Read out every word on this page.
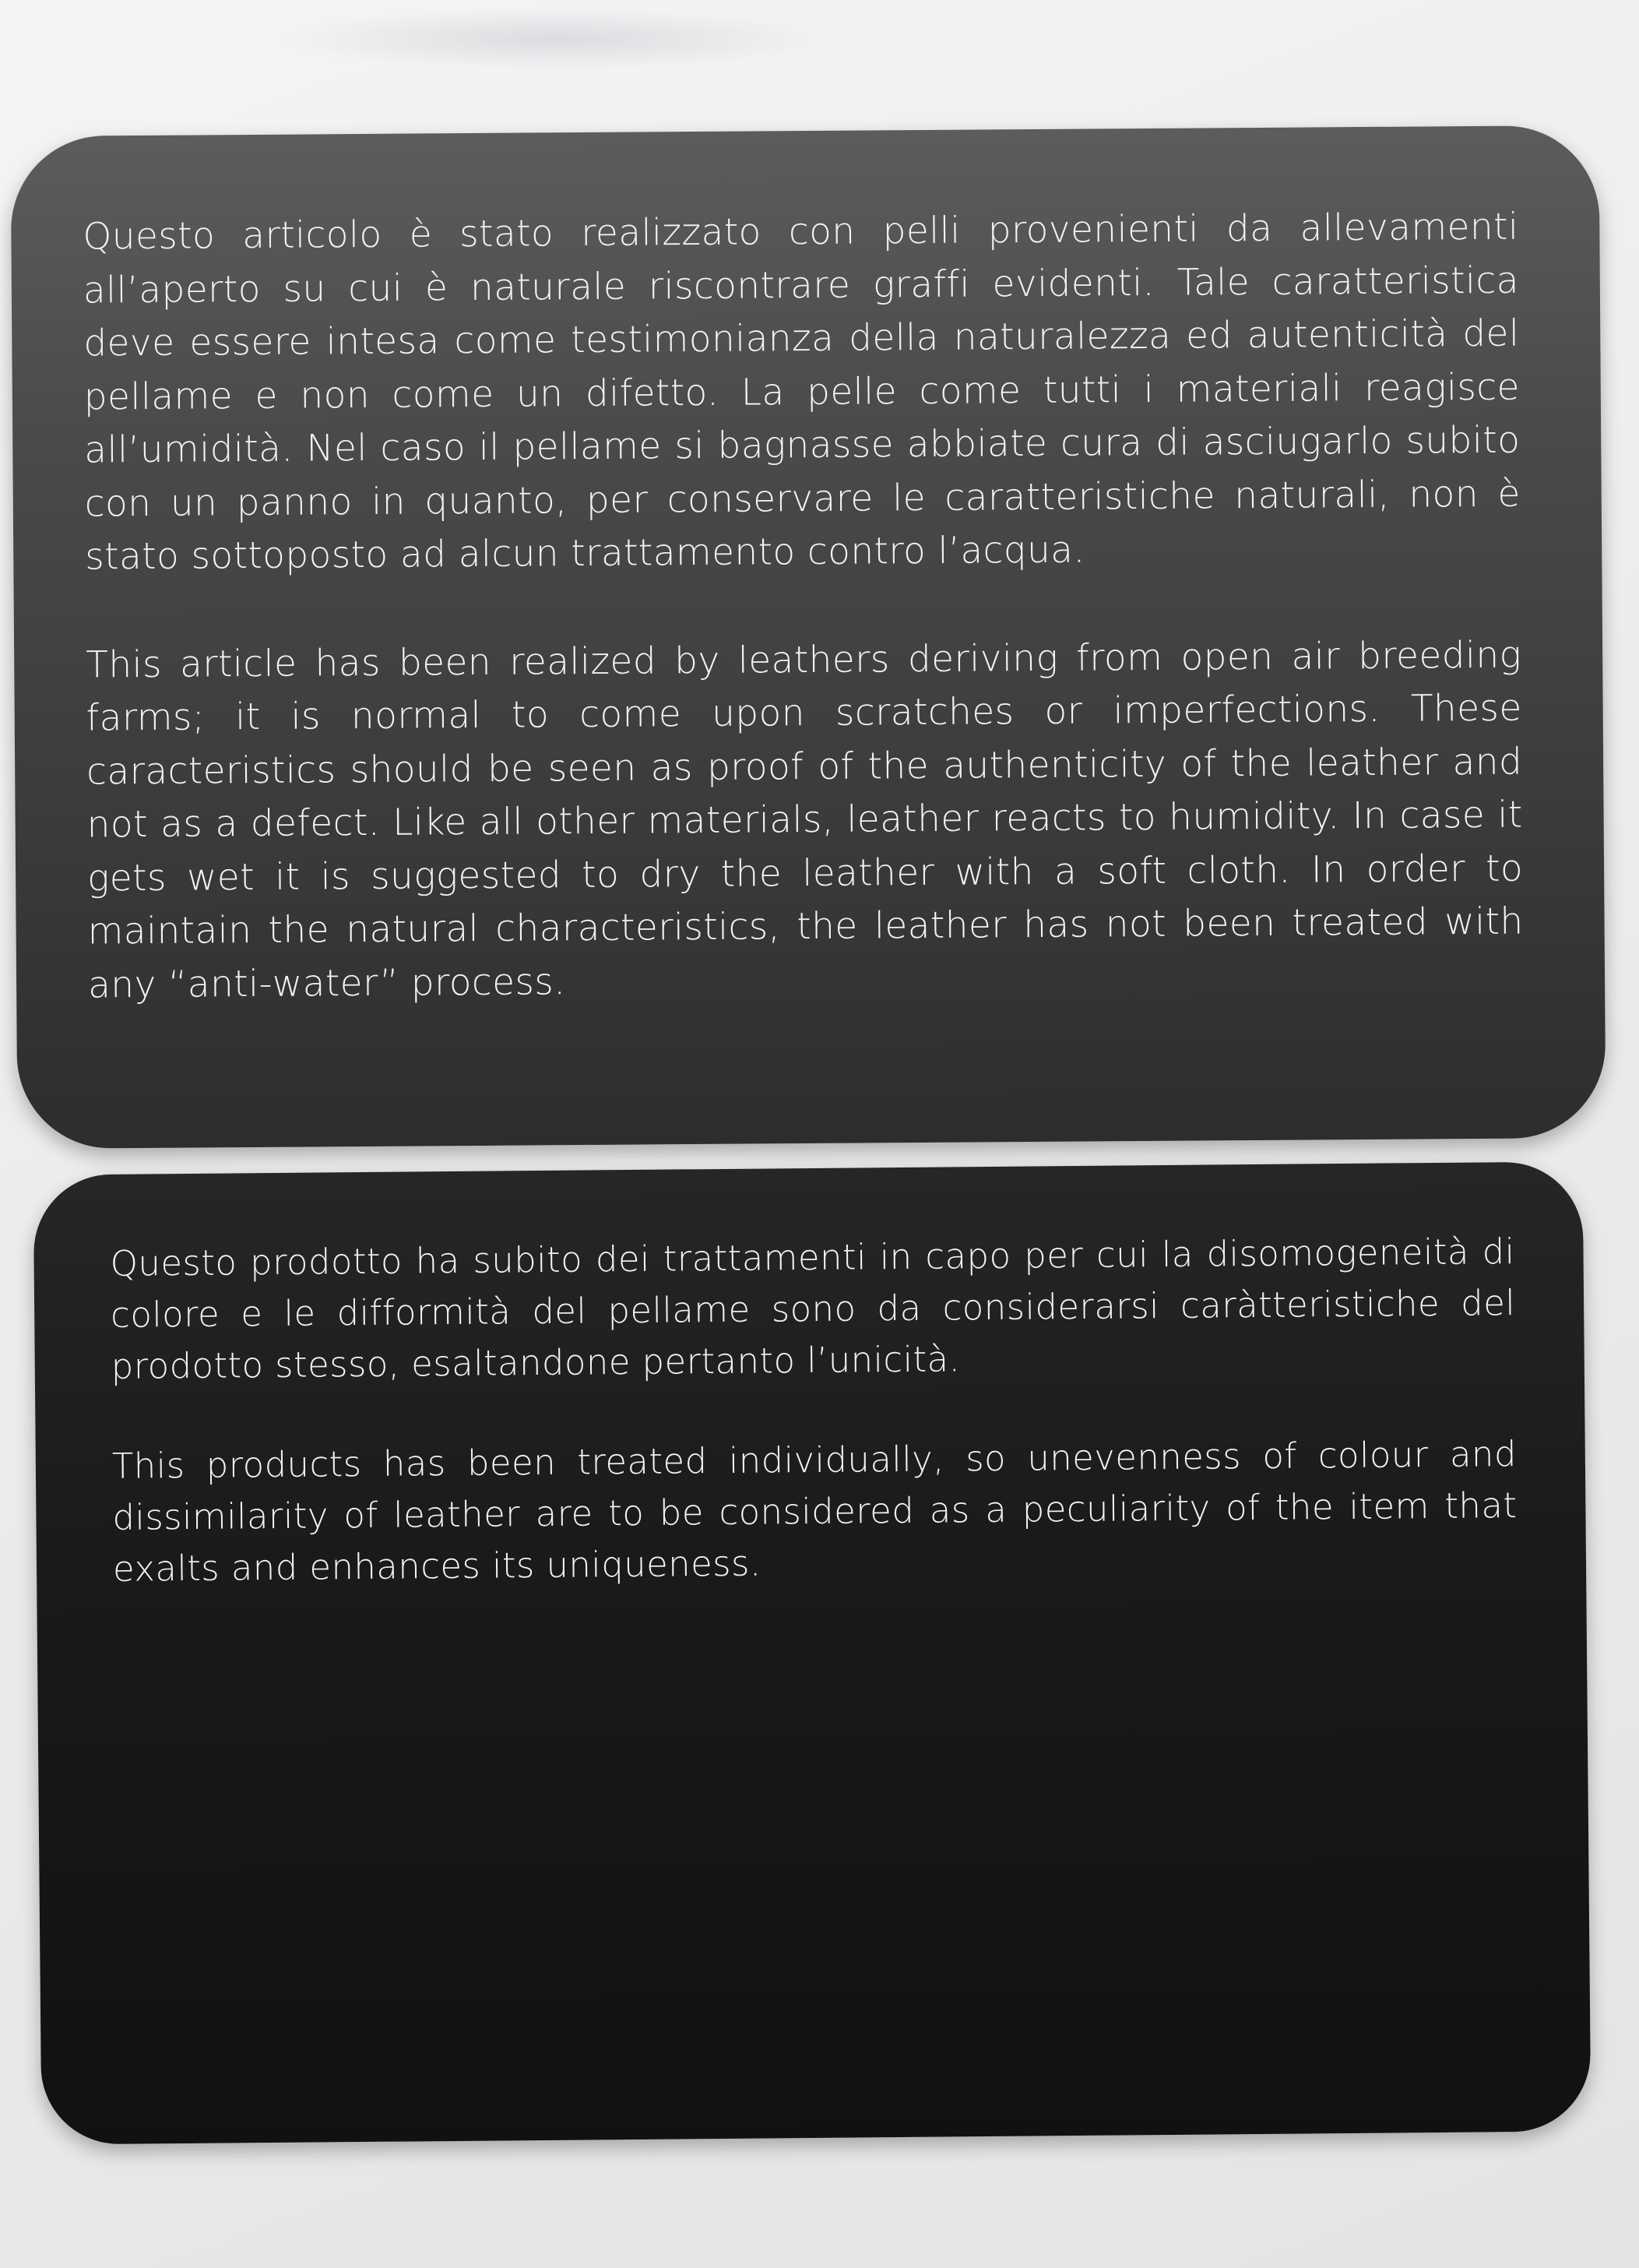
Questo articolo è stato realizzato con pelli provenienti da allevamenti all’aperto su cui è naturale riscontrare graffi evidenti. Tale caratteristica deve essere intesa come testimonianza della naturalezza ed autenticità del pellame e non come un difetto. La pelle come tutti i materiali reagisce all’umidità. Nel caso il pellame si bagnasse abbiate cura di asciugarlo subito con un panno in quanto, per conservare le caratteristiche naturali, non è stato sottoposto ad alcun trattamento contro l’acqua.

This article has been realized by leathers deriving from open air breeding farms; it is normal to come upon scratches or imperfections. These caracteristics should be seen as proof of the authenticity of the leather and not as a defect. Like all other materials, leather reacts to humidity. In case it gets wet it is suggested to dry the leather with a soft cloth. In order to maintain the natural characteristics, the leather has not been treated with any “anti-water” process.

Questo prodotto ha subito dei trattamenti in capo per cui la disomogeneità di colore e le difformità del pellame sono da considerarsi caràtteristiche del prodotto stesso, esaltandone pertanto l’unicità.

This products has been treated individually, so unevenness of colour and dissimilarity of leather are to be considered as a peculiarity of the item that exalts and enhances its uniqueness.
